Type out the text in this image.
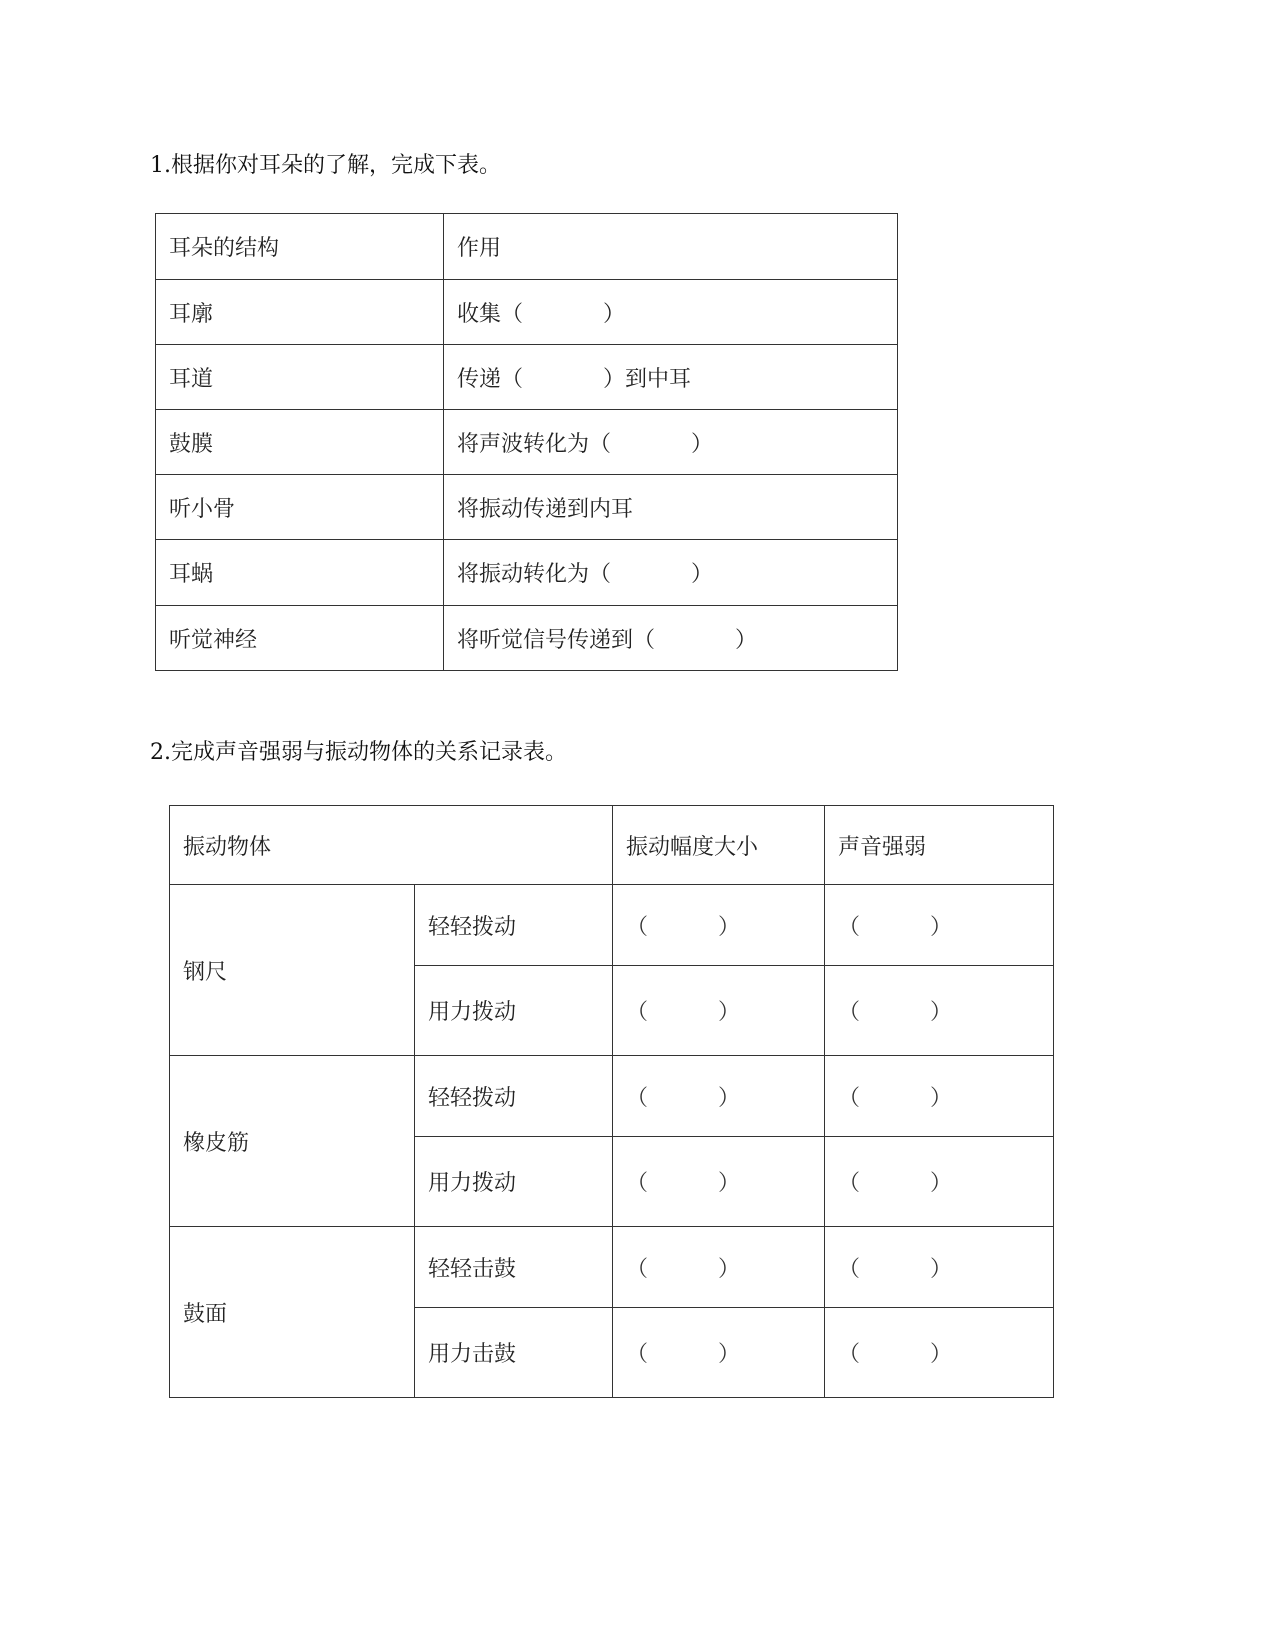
1.根据你对耳朵的了解，完成下表。
耳朵的结构	作用
耳廓	收集（ ）
耳道	传递（ ）到中耳
鼓膜	将声波转化为（ ）
听小骨	将振动传递到内耳
耳蜗	将振动转化为（ ）
听觉神经	将听觉信号传递到（ ）
2.完成声音强弱与振动物体的关系记录表。
振动物体		振动幅度大小	声音强弱
钢尺	轻轻拨动	（ ）	（ ）
	用力拨动	（ ）	（ ）
橡皮筋	轻轻拨动	（ ）	（ ）
	用力拨动	（ ）	（ ）
鼓面	轻轻击鼓	（ ）	（ ）
	用力击鼓	（ ）	（ ）
